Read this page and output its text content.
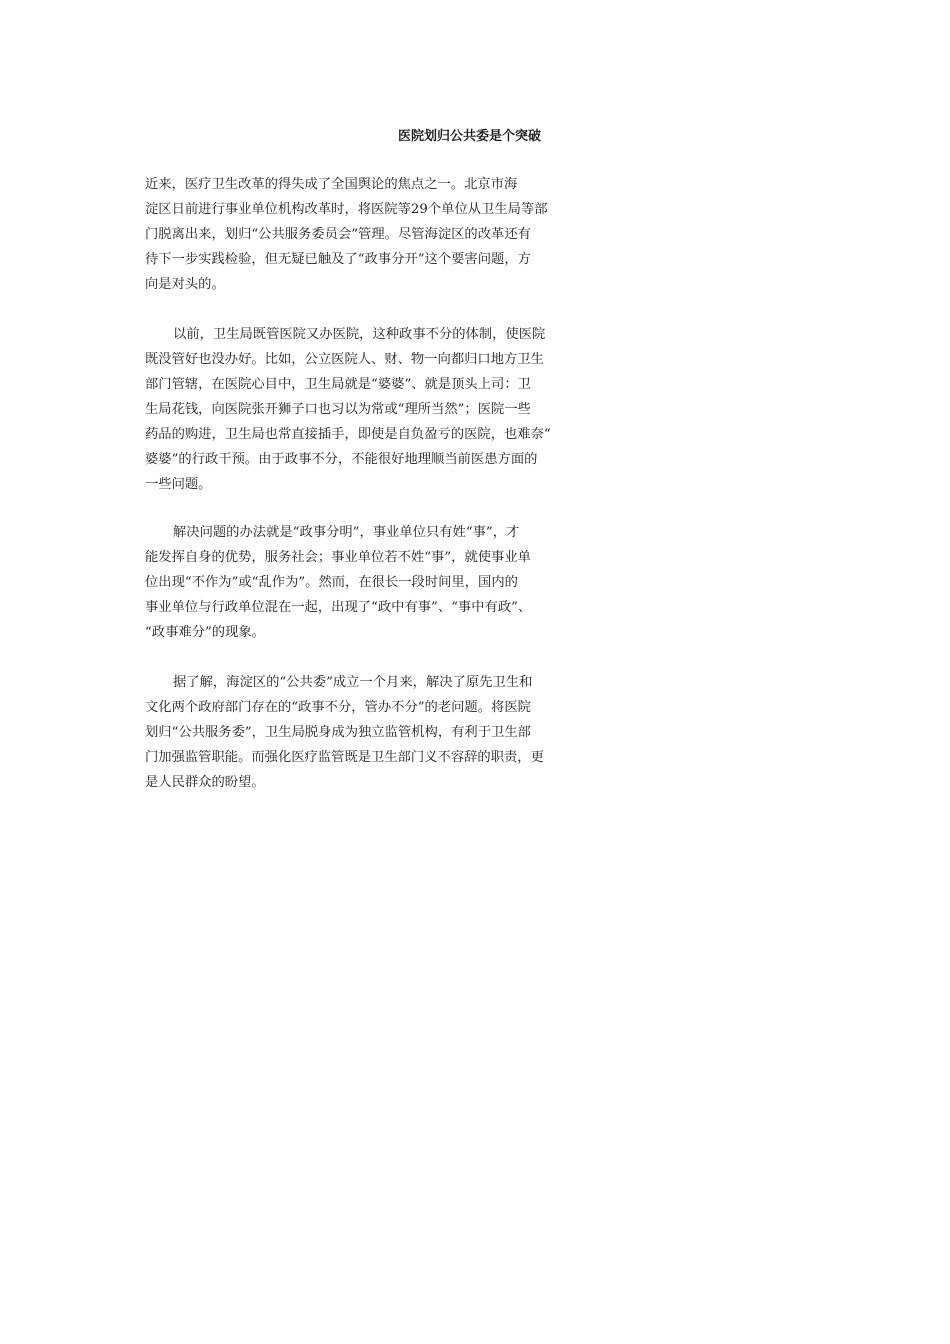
医院划归公共委是个突破
近来，医疗卫生改革的得失成了全国舆论的焦点之一。北京市海
淀区日前进行事业单位机构改革时，将医院等29个单位从卫生局等部
门脱离出来，划归“公共服务委员会”管理。尽管海淀区的改革还有
待下一步实践检验，但无疑已触及了“政事分开”这个要害问题，方
向是对头的。
以前，卫生局既管医院又办医院，这种政事不分的体制，使医院
既没管好也没办好。比如，公立医院人、财、物一向都归口地方卫生
部门管辖，在医院心目中，卫生局就是“婆婆”、就是顶头上司：卫
生局花钱，向医院张开狮子口也习以为常或“理所当然”；医院一些
药品的购进，卫生局也常直接插手，即使是自负盈亏的医院，也难奈“
婆婆”的行政干预。由于政事不分，不能很好地理顺当前医患方面的
一些问题。
解决问题的办法就是“政事分明”，事业单位只有姓“事”，才
能发挥自身的优势，服务社会；事业单位若不姓“事”，就使事业单
位出现“不作为”或“乱作为”。然而，在很长一段时间里，国内的
事业单位与行政单位混在一起，出现了“政中有事”、“事中有政”、
“政事难分”的现象。
据了解，海淀区的“公共委”成立一个月来，解决了原先卫生和
文化两个政府部门存在的“政事不分，管办不分”的老问题。将医院
划归“公共服务委”，卫生局脱身成为独立监管机构，有利于卫生部
门加强监管职能。而强化医疗监管既是卫生部门义不容辞的职责，更
是人民群众的盼望。
